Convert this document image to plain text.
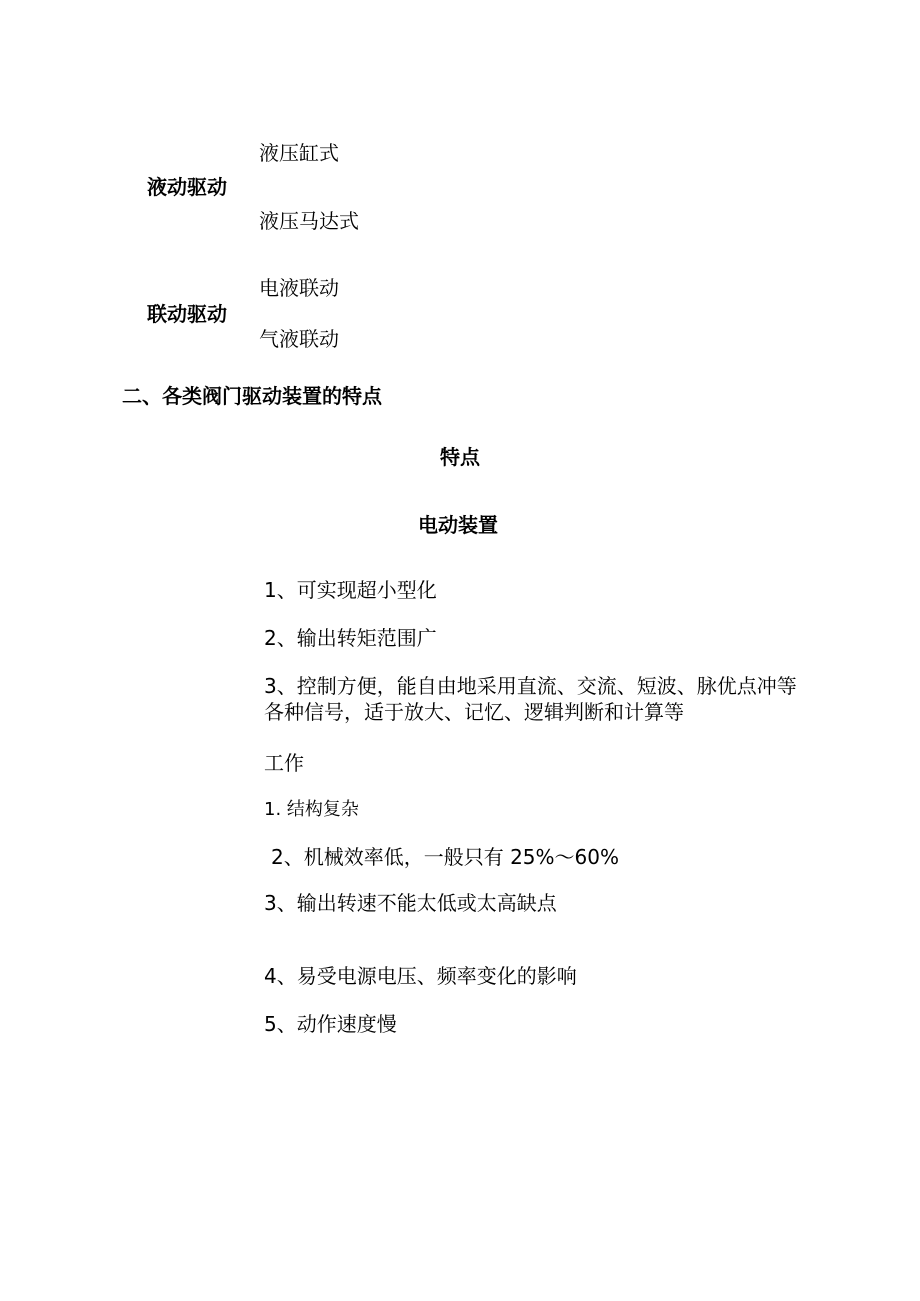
液压缸式
液动驱动
液压马达式
电液联动
联动驱动
气液联动
二、各类阀门驱动装置的特点
特点
电动装置
1、可实现超小型化
2、输出转矩范围广
3、控制方便，能自由地采用直流、交流、短波、脉优点冲等各种信号，适于放大、记忆、逻辑判断和计算等
工作
1. 结构复杂
2、机械效率低，一般只有 25%～60%
3、输出转速不能太低或太高缺点
4、易受电源电压、频率变化的影响
5、动作速度慢
